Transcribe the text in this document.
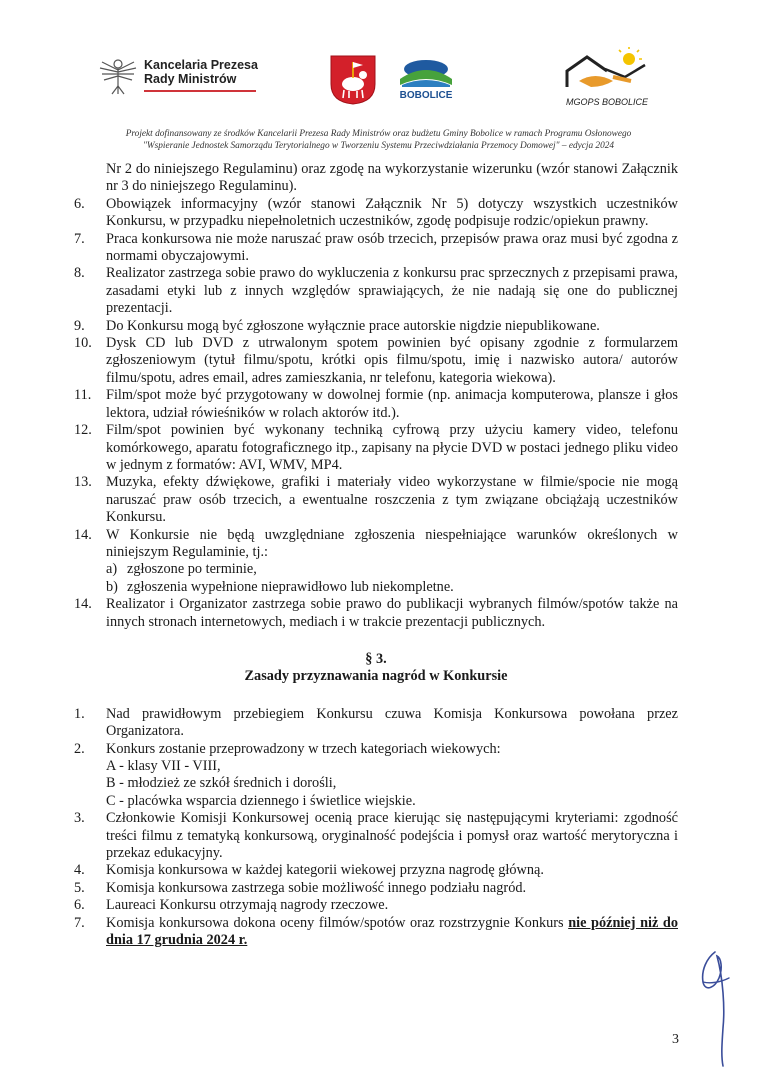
Kancelaria Prezesa
Rady Ministrów
BOBOLICE
MGOPS BOBOLICE
Projekt dofinansowany ze środków Kancelarii Prezesa Rady Ministrów oraz budżetu Gminy Bobolice w ramach Programu Osłonowego
"Wspieranie Jednostek Samorządu Terytorialnego w Tworzeniu Systemu Przeciwdziałania Przemocy Domowej" – edycja 2024
Nr 2 do niniejszego Regulaminu) oraz zgodę na wykorzystanie wizerunku (wzór stanowi Załącznik nr 3 do niniejszego Regulaminu).
6.	Obowiązek informacyjny (wzór stanowi Załącznik Nr 5) dotyczy wszystkich uczestników Konkursu, w przypadku niepełnoletnich uczestników, zgodę podpisuje rodzic/opiekun prawny.
7.	Praca konkursowa nie może naruszać praw osób trzecich, przepisów prawa oraz musi być zgodna z normami obyczajowymi.
8.	Realizator zastrzega sobie prawo do wykluczenia z konkursu prac sprzecznych z przepisami prawa, zasadami etyki lub z innych względów sprawiających, że nie nadają się one do publicznej prezentacji.
9.	Do Konkursu mogą być zgłoszone wyłącznie prace autorskie nigdzie niepublikowane.
10. Dysk CD lub DVD z utrwalonym spotem powinien być opisany zgodnie z formularzem zgłoszeniowym (tytuł filmu/spotu, krótki opis filmu/spotu, imię i nazwisko autora/ autorów filmu/spotu, adres email, adres zamieszkania, nr telefonu, kategoria wiekowa).
11.	Film/spot może być przygotowany w dowolnej formie (np. animacja komputerowa, plansze i głos lektora, udział rówieśników w rolach aktorów itd.).
12. Film/spot powinien być wykonany techniką cyfrową przy użyciu kamery video, telefonu komórkowego, aparatu fotograficznego itp., zapisany na płycie DVD w postaci jednego pliku video w jednym z formatów: AVI, WMV, MP4.
13. Muzyka, efekty dźwiękowe, grafiki i materiały video wykorzystane w filmie/spocie nie mogą naruszać praw osób trzecich, a ewentualne roszczenia z tym związane obciążają uczestników Konkursu.
14. W Konkursie nie będą uwzględniane zgłoszenia niespełniające warunków określonych w niniejszym Regulaminie, tj.:
a) zgłoszone po terminie,
b) zgłoszenia wypełnione nieprawidłowo lub niekompletne.
14. Realizator i Organizator zastrzega sobie prawo do publikacji wybranych filmów/spotów także na innych stronach internetowych, mediach i w trakcie prezentacji publicznych.
§ 3.
Zasady przyznawania nagród w Konkursie
1.	Nad prawidłowym przebiegiem Konkursu czuwa Komisja Konkursowa powołana przez Organizatora.
2.	Konkurs zostanie przeprowadzony w trzech kategoriach wiekowych:
A - klasy VII - VIII,
B - młodzież ze szkół średnich i dorośli,
C - placówka wsparcia dziennego i świetlice wiejskie.
3.	Członkowie Komisji Konkursowej ocenią prace kierując się następującymi kryteriami: zgodność treści filmu z tematyką konkursową, oryginalność podejścia i pomysł oraz wartość merytoryczna i przekaz edukacyjny.
4.	Komisja konkursowa w każdej kategorii wiekowej przyzna nagrodę główną.
5.	Komisja konkursowa zastrzega sobie możliwość innego podziału nagród.
6.	Laureaci Konkursu otrzymają nagrody rzeczowe.
7.	Komisja konkursowa dokona oceny filmów/spotów oraz rozstrzygnie Konkurs nie później niż do dnia 17 grudnia 2024 r.
3
